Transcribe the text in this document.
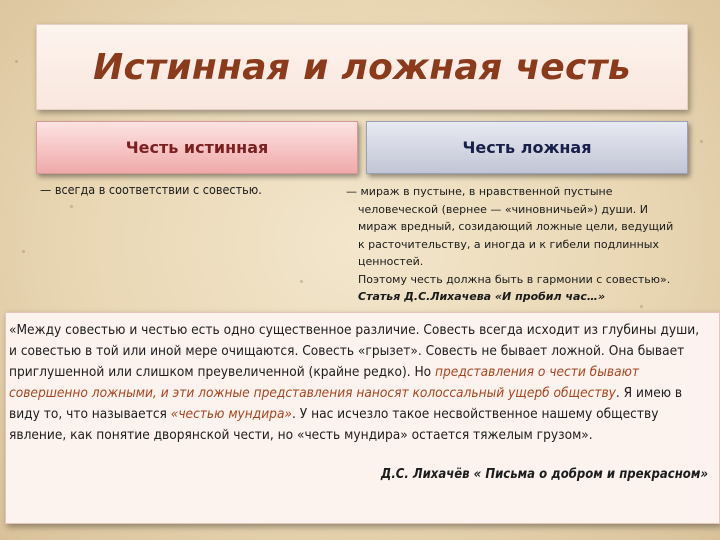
Истинная и ложная честь
Честь истинная	Честь ложная
— всегда в соответствии с совестью.	— мираж в пустыне, в нравственной пустыне

человеческой (вернее — «чиновничьей») души. И
мираж вредный, созидающий ложные цели, ведущий
к расточительству, а иногда и к гибели подлинных
ценностей.
Поэтому честь должна быть в гармонии с совестью».
Статья Д.С.Лихачева «И пробил час…»
«Между совестью и честью есть одно существенное различие. Совесть всегда исходит из глубины души, и совестью в той или иной мере очищаются. Совесть «грызет». Совесть не бывает ложной. Она бывает приглушенной или слишком преувеличенной (крайне редко). Но представления о чести бывают совершенно ложными, и эти ложные представления наносят колоссальный ущерб обществу. Я имею в виду то, что называется «честью мундира». У нас исчезло такое несвойственное нашему обществу явление, как понятие дворянской чести, но «честь мундира» остается тяжелым грузом».
Д.С. Лихачёв « Письма о добром и прекрасном»
